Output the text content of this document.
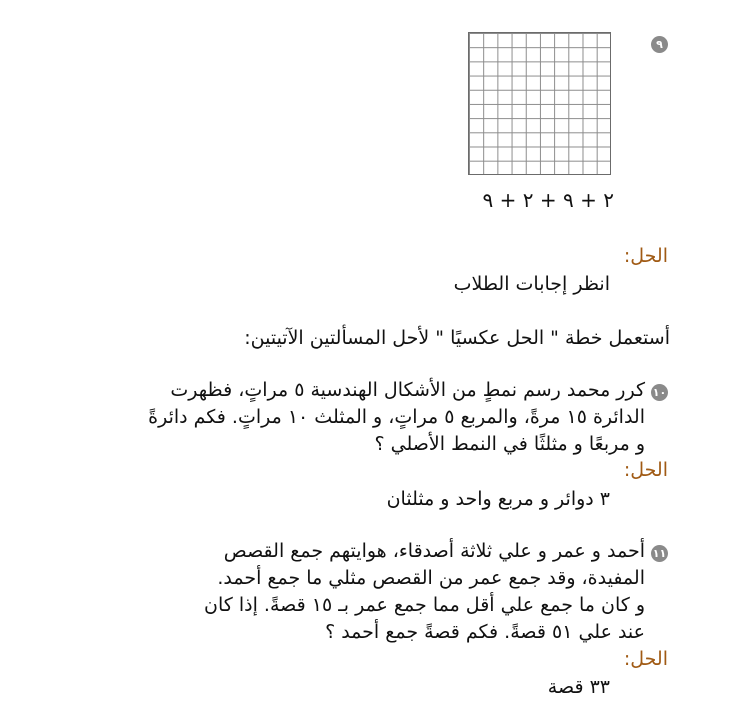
٩
٢ + ٩ + ٢ + ٩
الحل:
انظر إجابات الطلاب
أستعمل خطة " الحل عكسيًا " لأحل المسألتين الآتيتين:
١٠
كرر محمد رسم نمطٍ من الأشكال الهندسية ٥ مراتٍ، فظهرت
الدائرة ١٥ مرةً، والمربع ٥ مراتٍ، و المثلث ١٠ مراتٍ. فكم دائرةً
و مربعًا و مثلثًا في النمط الأصلي ؟
الحل:
٣ دوائر و مربع واحد و مثلثان
١١
أحمد و عمر و علي ثلاثة أصدقاء، هوايتهم جمع القصص
المفيدة، وقد جمع عمر من القصص مثلي ما جمع أحمد.
و كان ما جمع علي أقل مما جمع عمر بـ ١٥ قصةً. إذا كان
عند علي ٥١ قصةً. فكم قصةً جمع أحمد ؟
الحل:
٣٣ قصة
